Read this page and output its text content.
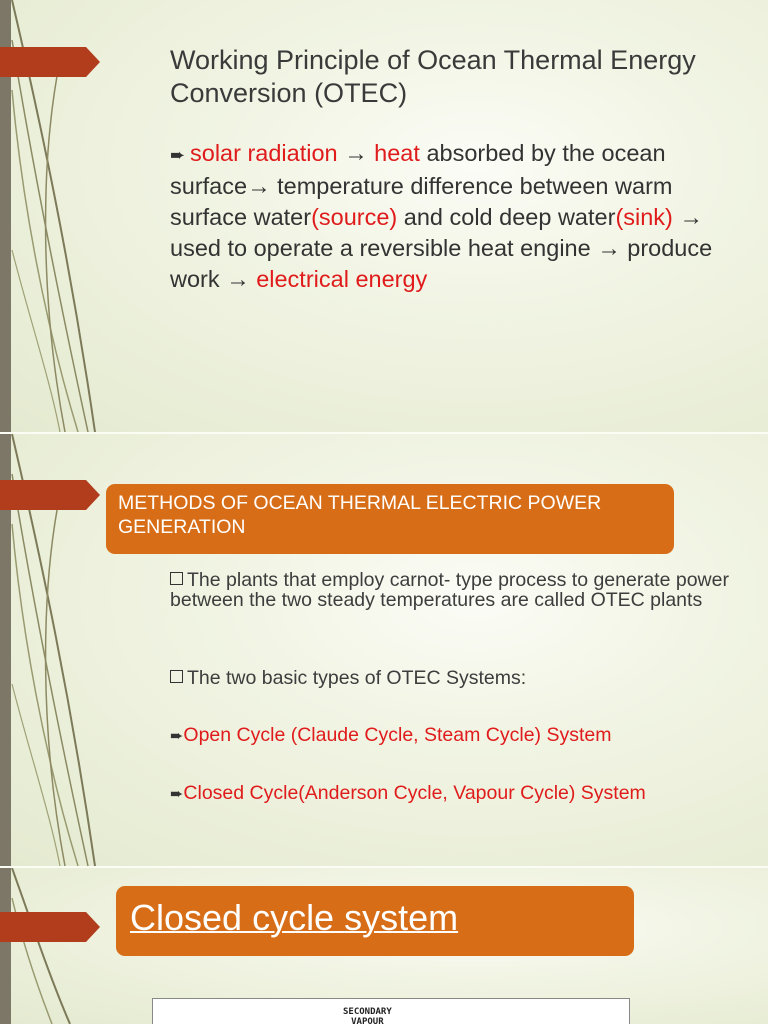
Working Principle of Ocean Thermal Energy Conversion (OTEC)
➨ solar radiation → heat absorbed by the ocean surface→ temperature difference between warm surface water(source) and cold deep water(sink) → used to operate a reversible heat engine → produce work → electrical energy
METHODS OF OCEAN THERMAL ELECTRIC POWER GENERATION
The plants that employ carnot- type process to generate power between the two steady temperatures are called OTEC plants
The two basic types of OTEC Systems:
➨Open Cycle (Claude Cycle, Steam Cycle) System
➨Closed Cycle(Anderson Cycle, Vapour Cycle) System
Closed cycle system
SECONDARY
VAPOUR
